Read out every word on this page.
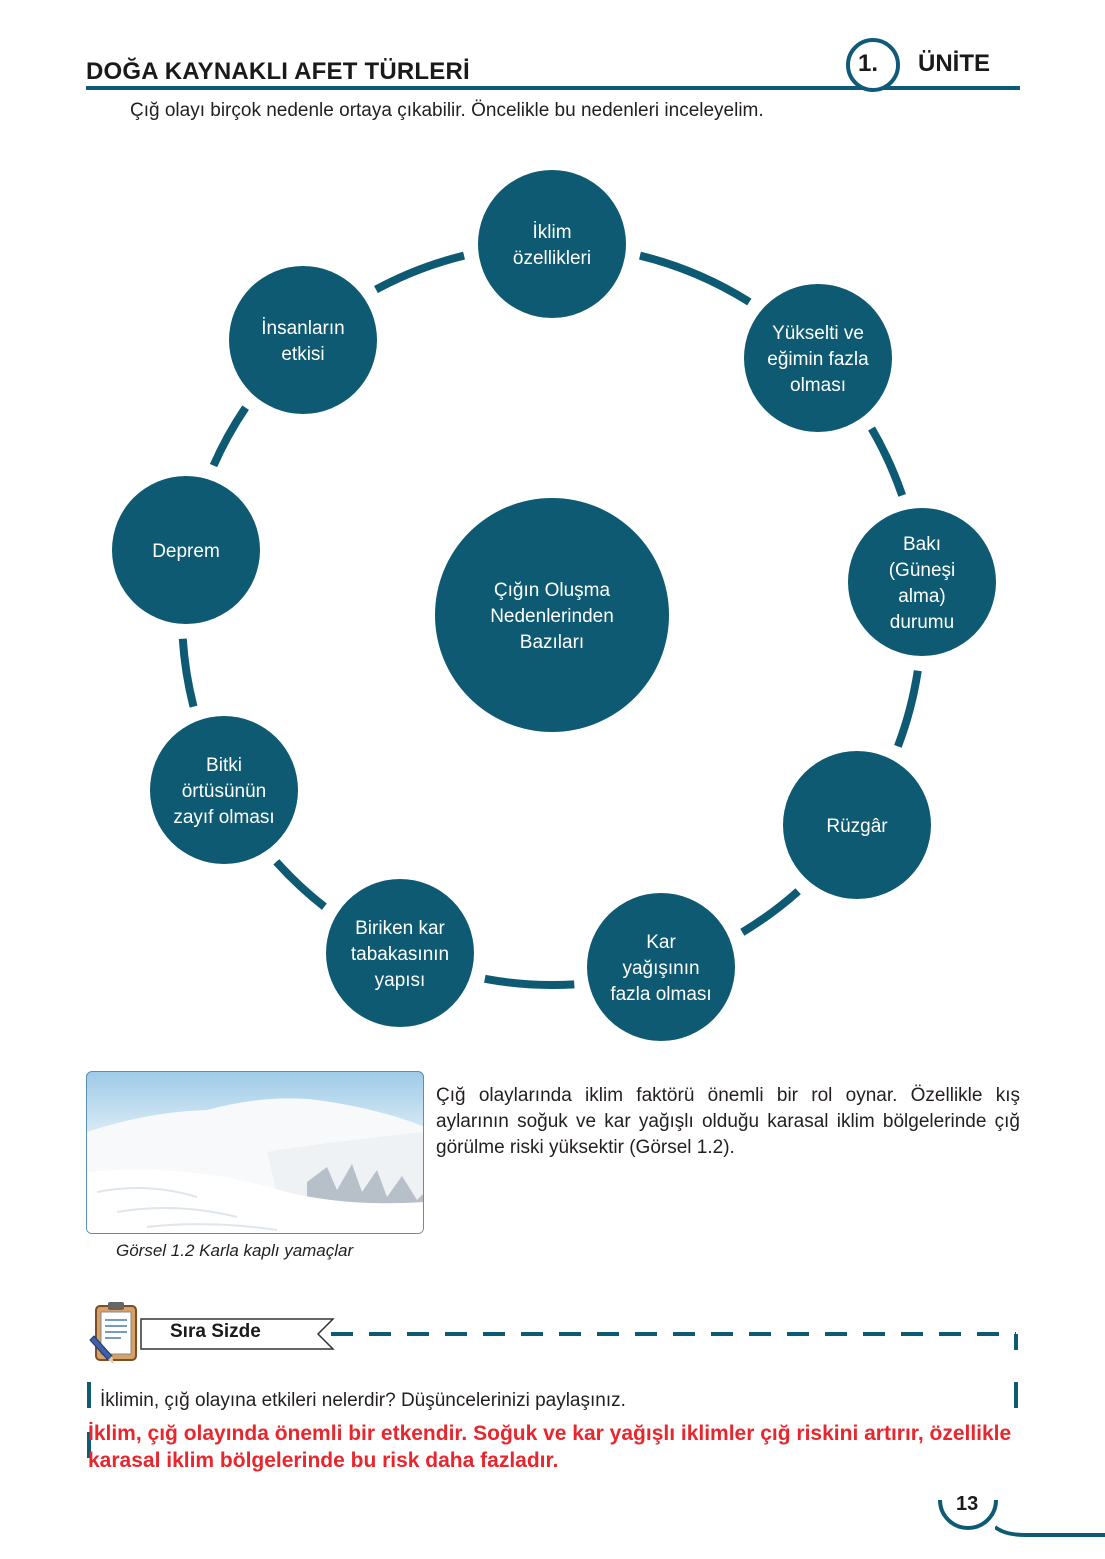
DOĞA KAYNAKLI AFET TÜRLERİ	1. ÜNİTE
Çığ olayı birçok nedenle ortaya çıkabilir. Öncelikle bu nedenleri inceleyelim.
Çığın Oluşma
Nedenlerinden
Bazıları
İklim
özellikleri
Yükselti ve
eğimin fazla
olması
Bakı
(Güneşi
alma)
durumu
Rüzgâr
Kar
yağışının
fazla olması
Biriken kar
tabakasının
yapısı
Bitki
örtüsünün
zayıf olması
Deprem
İnsanların
etkisi
Görsel 1.2 Karla kaplı yamaçlar
Çığ olaylarında iklim faktörü önemli bir rol oynar. Özellikle kış aylarının soğuk ve kar yağışlı olduğu karasal iklim bölgelerinde çığ görülme riski yüksektir (Görsel 1.2).
Sıra Sizde
İklimin, çığ olayına etkileri nelerdir? Düşüncelerinizi paylaşınız.
İklim, çığ olayında önemli bir etkendir. Soğuk ve kar yağışlı iklimler çığ riskini artırır, özellikle karasal iklim bölgelerinde bu risk daha fazladır.
13
